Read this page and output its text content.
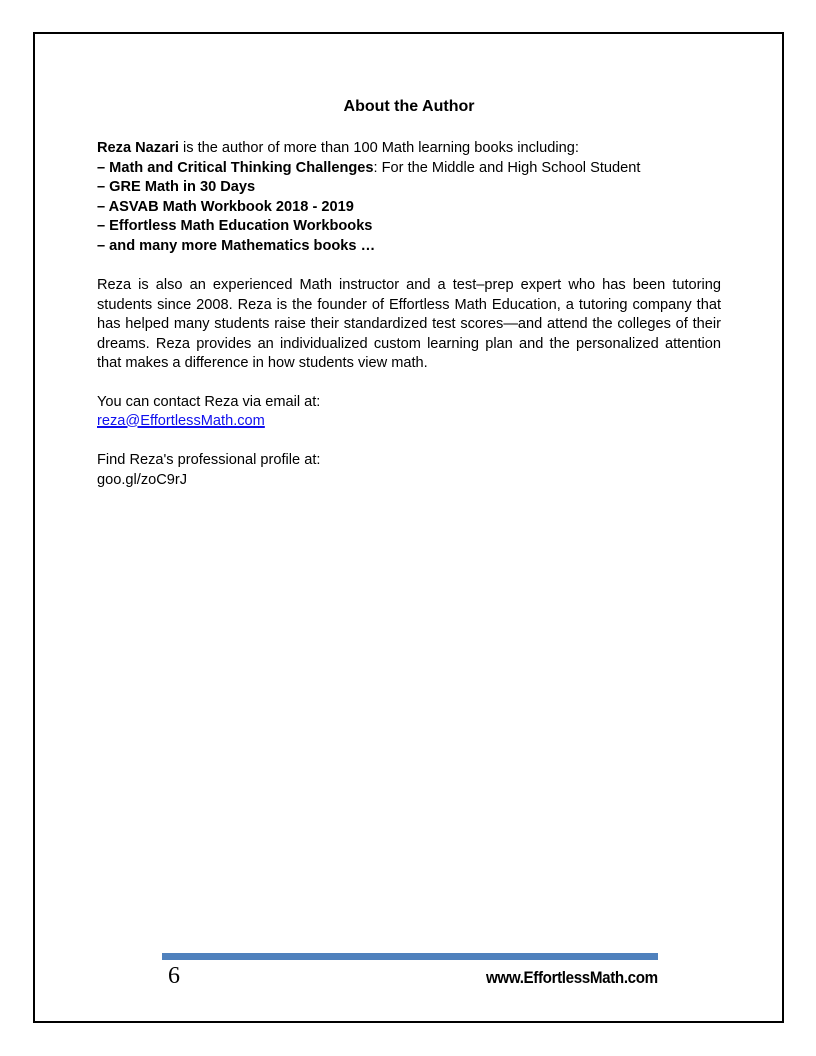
About the Author

Reza Nazari is the author of more than 100 Math learning books including:

– Math and Critical Thinking Challenges: For the Middle and High School Student

– GRE Math in 30 Days

– ASVAB Math Workbook 2018 - 2019

– Effortless Math Education Workbooks

– and many more Mathematics books …

Reza is also an experienced Math instructor and a test–prep expert who has been tutoring students since 2008. Reza is the founder of Effortless Math Education, a tutoring company that has helped many students raise their standardized test scores—and attend the colleges of their dreams. Reza provides an individualized custom learning plan and the personalized attention that makes a difference in how students view math.

You can contact Reza via email at:

reza@EffortlessMath.com

Find Reza's professional profile at:

goo.gl/zoC9rJ

6	www.EffortlessMath.com
